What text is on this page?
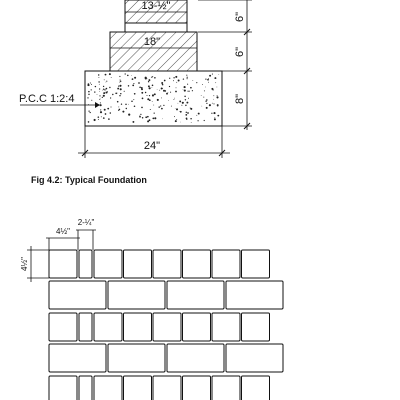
13-½"
18"
P.C.C 1:2:4
24"
6"
6"
8"
Fig 4.2: Typical Foundation
4½"
2-¼"
4½"
